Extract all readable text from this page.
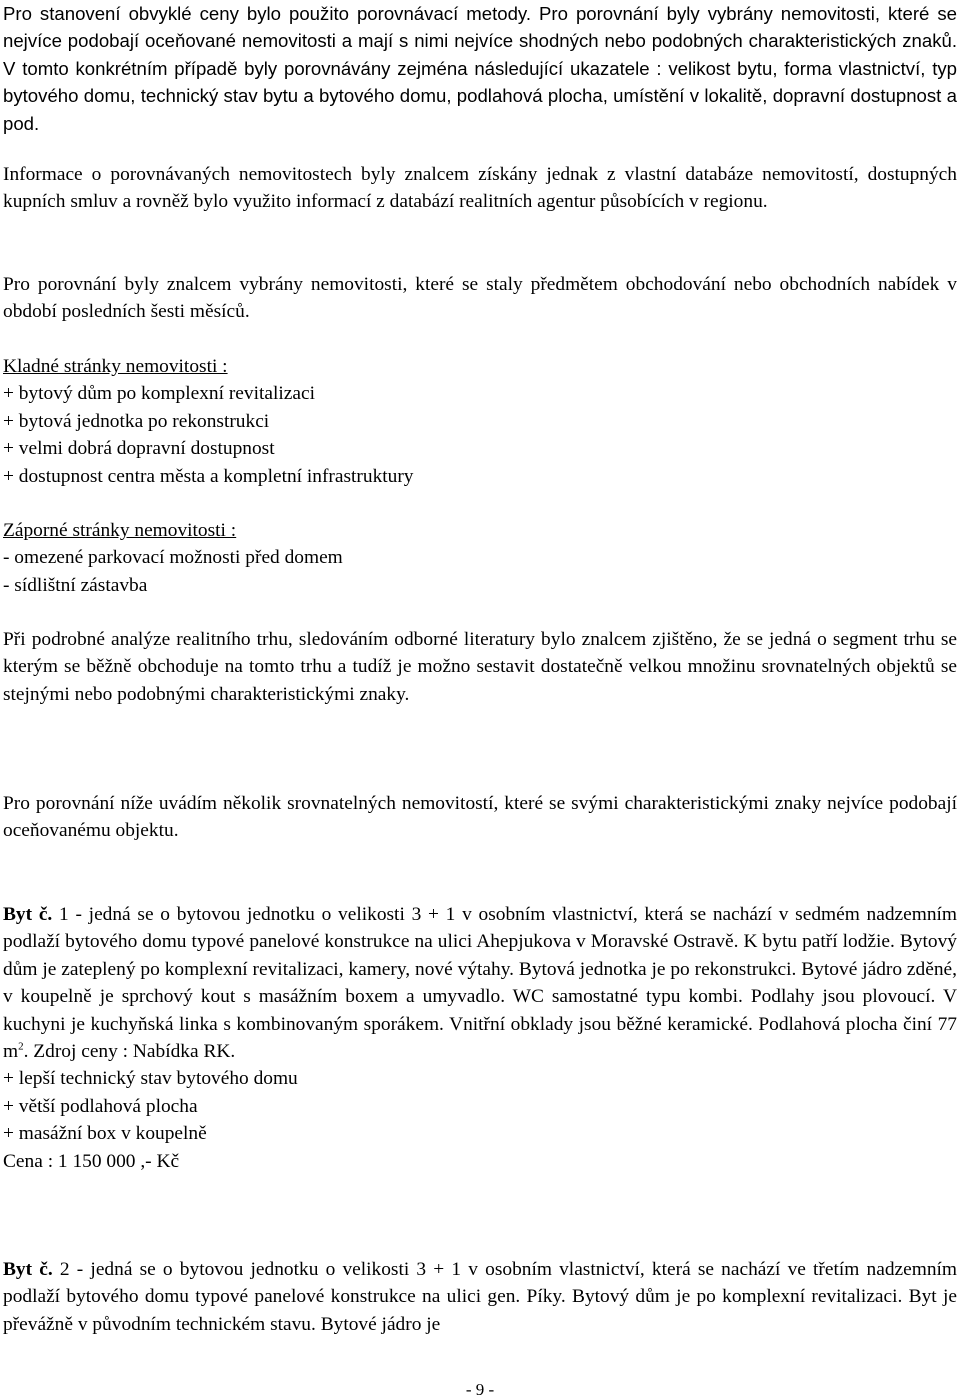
Pro stanovení obvyklé ceny bylo použito porovnávací metody. Pro porovnání byly vybrány nemovitosti, které se nejvíce podobají oceňované nemovitosti a mají s nimi nejvíce shodných nebo podobných charakteristických znaků. V tomto konkrétním případě byly porovnávány zejména následující ukazatele : velikost bytu, forma vlastnictví, typ bytového domu, technický stav bytu a bytového domu, podlahová plocha, umístění v lokalitě, dopravní dostupnost a pod.

Informace o porovnávaných nemovitostech byly znalcem získány jednak z vlastní databáze nemovitostí, dostupných kupních smluv a rovněž bylo využito informací z databází realitních agentur působících v regionu.

Pro porovnání byly znalcem vybrány nemovitosti, které se staly předmětem obchodování nebo obchodních nabídek v období posledních šesti měsíců.

Kladné stránky nemovitosti :
+ bytový dům po komplexní revitalizaci
+ bytová jednotka po rekonstrukci
+ velmi dobrá dopravní dostupnost
+ dostupnost centra města a kompletní infrastruktury
Záporné stránky nemovitosti :
- omezené parkovací možnosti před domem
- sídlištní zástavba

Při podrobné analýze realitního trhu, sledováním odborné literatury bylo znalcem zjištěno, že se jedná o segment trhu se kterým se běžně obchoduje na tomto trhu a tudíž je možno sestavit dostatečně velkou množinu srovnatelných objektů se stejnými nebo podobnými charakteristickými znaky.

Pro porovnání níže uvádím několik srovnatelných nemovitostí, které se svými charakteristickými znaky nejvíce podobají oceňovanému objektu.

Byt č. 1 - jedná se o bytovou jednotku o velikosti 3 + 1 v osobním vlastnictví, která se nachází v sedmém nadzemním podlaží bytového domu typové panelové konstrukce na ulici Ahepjukova v Moravské Ostravě. K bytu patří lodžie. Bytový dům je zateplený po komplexní revitalizaci, kamery, nové výtahy. Bytová jednotka je po rekonstrukci. Bytové jádro zděné, v koupelně je sprchový kout s masážním boxem a umyvadlo. WC samostatné typu kombi. Podlahy jsou plovoucí. V kuchyni je kuchyňská linka s kombinovaným sporákem. Vnitřní obklady jsou běžné keramické. Podlahová plocha činí 77 $m^2$. Zdroj ceny : Nabídka RK.

+ lepší technický stav bytového domu
+ větší podlahová plocha
+ masážní box v koupelně
Cena : 1 150 000 ,- Kč

Byt č. 2 - jedná se o bytovou jednotku o velikosti 3 + 1 v osobním vlastnictví, která se nachází ve třetím nadzemním podlaží bytového domu typové panelové konstrukce na ulici gen. Píky. Bytový dům je po komplexní revitalizaci. Byt je převážně v původním technickém stavu. Bytové jádro je

- 9 -
